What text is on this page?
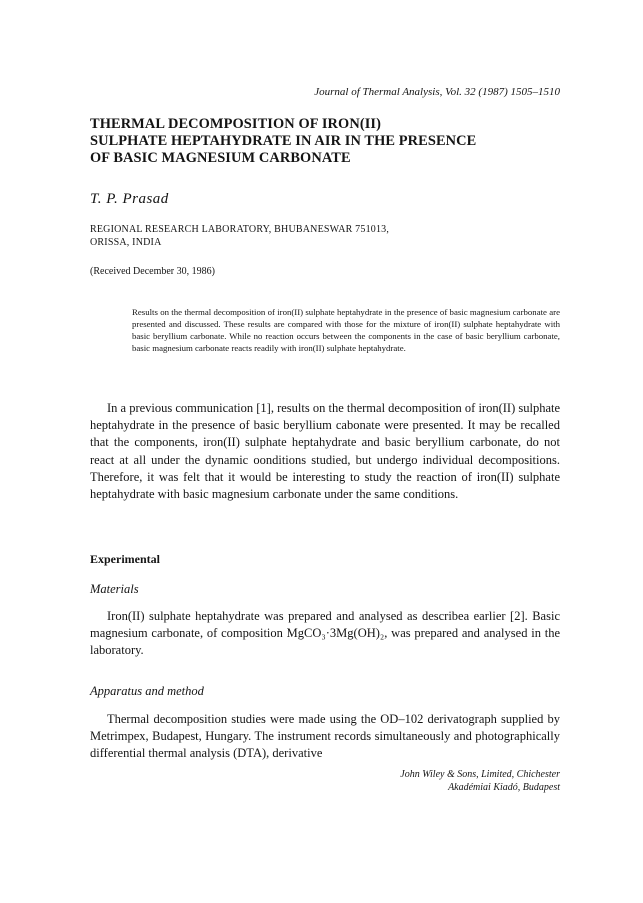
Journal of Thermal Analysis, Vol. 32 (1987) 1505–1510
THERMAL DECOMPOSITION OF IRON(II)
SULPHATE HEPTAHYDRATE IN AIR IN THE PRESENCE
OF BASIC MAGNESIUM CARBONATE
T. P. Prasad
REGIONAL RESEARCH LABORATORY, BHUBANESWAR 751013,
ORISSA, INDIA
(Received December 30, 1986)

Results on the thermal decomposition of iron(II) sulphate heptahydrate in the presence of basic magnesium carbonate are presented and discussed. These results are compared with those for the mixture of iron(II) sulphate heptahydrate with basic beryllium carbonate. While no reaction occurs between the components in the case of basic beryllium carbonate, basic magnesium carbonate reacts readily with iron(II) sulphate heptahydrate.

In a previous communication [1], results on the thermal decomposition of iron(II) sulphate heptahydrate in the presence of basic beryllium cabonate were presented. It may be recalled that the components, iron(II) sulphate heptahydrate and basic beryllium carbonate, do not react at all under the dynamic oonditions studied, but undergo individual decompositions. Therefore, it was felt that it would be interesting to study the reaction of iron(II) sulphate heptahydrate with basic magnesium carbonate under the same conditions.

Experimental
Materials

Iron(II) sulphate heptahydrate was prepared and analysed as describea earlier [2]. Basic magnesium carbonate, of composition MgCO₃·3Mg(OH)₂, was prepared and analysed in the laboratory.

Apparatus and method

Thermal decomposition studies were made using the OD–102 derivatograph supplied by Metrimpex, Budapest, Hungary. The instrument records simultaneously and photographically differential thermal analysis (DTA), derivative

John Wiley & Sons, Limited, Chichester
Akadémiai Kiadó, Budapest
